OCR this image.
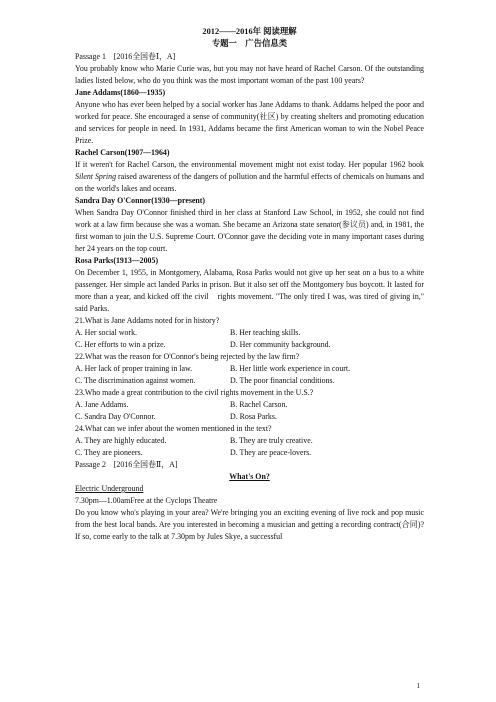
2012——2016年 阅读理解
专题一　广告信息类

Passage 1　[2016全国卷Ⅰ，A]

You probably know who Marie Curie was, but you may not have heard of Rachel Carson. Of the outstanding ladies listed below, who do you think was the most important woman of the past 100 years?

Jane Addams(1860—1935)

Anyone who has ever been helped by a social worker has Jane Addams to thank. Addams helped the poor and worked for peace. She encouraged a sense of community(社区) by creating shelters and promoting education and services for people in need. In 1931, Addams became the first American woman to win the Nobel Peace Prize.

Rachel Carson(1907—1964)

If it weren't for Rachel Carson, the environmental movement might not exist today. Her popular 1962 book Silent Spring raised awareness of the dangers of pollution and the harmful effects of chemicals on humans and on the world's lakes and oceans.

Sandra Day O'Connor(1930—present)

When Sandra Day O'Connor finished third in her class at Stanford Law School, in 1952, she could not find work at a law firm because she was a woman. She became an Arizona state senator(参议员) and, in 1981, the first woman to join the U.S. Supreme Court. O'Connor gave the deciding vote in many important cases during her 24 years on the top court.

Rosa Parks(1913—2005)

On December 1, 1955, in Montgomery, Alabama, Rosa Parks would not give up her seat on a bus to a white passenger. Her simple act landed Parks in prison. But it also set off the Montgomery bus boycott. It lasted for more than a year, and kicked off the civil　rights movement. "The only tired I was, was tired of giving in," said Parks.

21.What is Jane Addams noted for in history?

A. Her social work.	B. Her teaching skills.
C. Her efforts to win a prize.	D. Her community background.

22.What was the reason for O'Connor's being rejected by the law firm?

A. Her lack of proper training in law.	B. Her little work experience in court.
C. The discrimination against women.	D. The poor financial conditions.

23.Who made a great contribution to the civil rights movement in the U.S.?

A. Jane Addams.	B. Rachel Carson.
C. Sandra Day O'Connor.	D. Rosa Parks.

24.What can we infer about the women mentioned in the text?

A. They are highly educated.	B. They are truly creative.
C. They are pioneers.	D. They are peace-lovers.

Passage 2　[2016全国卷Ⅱ，A]

What's On?

Electric Underground

7.30pm—1.00amFree at the Cyclops Theatre

Do you know who's playing in your area? We're bringing you an exciting evening of live rock and pop music from the best local bands. Are you interested in becoming a musician and getting a recording contract(合同)?　If so, come early to the talk at 7.30pm by Jules Skye, a successful

1
